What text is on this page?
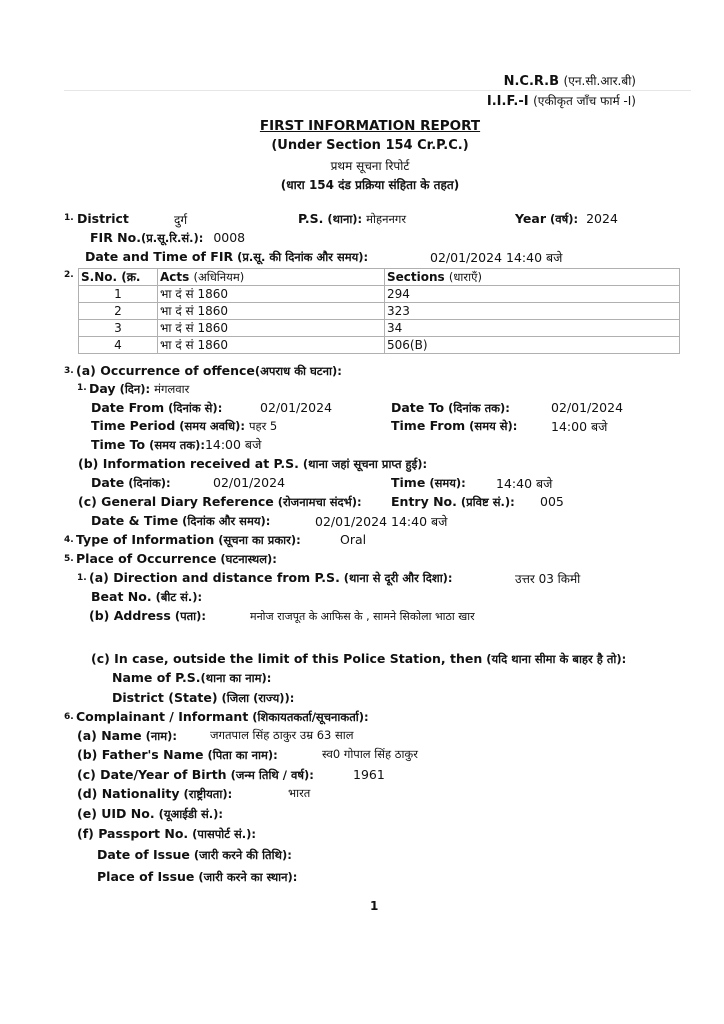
N.C.R.B (एन.सी.आर.बी)
I.I.F.-I (एकीकृत जाँच फार्म -I)
FIRST INFORMATION REPORT
(Under Section 154 Cr.P.C.)
प्रथम सूचना रिपोर्ट
(धारा 154 दंड प्रक्रिया संहिता के तहत)
1. District	दुर्ग	P.S. (थाना): मोहननगर	Year (वर्ष): 2024
FIR No.(प्र.सू.रि.सं.): 0008
Date and Time of FIR (प्र.सू. की दिनांक और समय):	02/01/2024 14:40 बजे
2. S.No. (क्र.	Acts (अधिनियम)	Sections (धाराएँ)
1	भा दं सं 1860	294
2	भा दं सं 1860	323
3	भा दं सं 1860	34
4	भा दं सं 1860	506(B)
3. (a) Occurrence of offence(अपराध की घटना):
1. Day (दिन): मंगलवार
Date From (दिनांक से):	02/01/2024	Date To (दिनांक तक):	02/01/2024
Time Period (समय अवधि): पहर 5	Time From (समय से):	14:00 बजे
Time To (समय तक):14:00 बजे
(b) Information received at P.S. (थाना जहां सूचना प्राप्त हुई):
Date (दिनांक):	02/01/2024	Time (समय): 14:40 बजे
(c) General Diary Reference (रोजनामचा संदर्भ): Entry No. (प्रविष्ट सं.): 005
Date & Time (दिनांक और समय):	02/01/2024 14:40 बजे
4. Type of Information (सूचना का प्रकार):	Oral
5. Place of Occurrence (घटनास्थल):
1. (a) Direction and distance from P.S. (थाना से दूरी और दिशा):	उत्तर 03 किमी
Beat No. (बीट सं.):
(b) Address (पता):	मनोज राजपूत के आफिस के , सामने सिकोला भाठा खार
(c) In case, outside the limit of this Police Station, then (यदि थाना सीमा के बाहर है तो):
Name of P.S.(थाना का नाम):
District (State) (जिला (राज्य)):
6. Complainant / Informant (शिकायतकर्ता/सूचनाकर्ता):
(a) Name (नाम):	जगतपाल सिंह ठाकुर उम्र 63 साल
(b) Father's Name (पिता का नाम):	स्व0 गोपाल सिंह ठाकुर
(c) Date/Year of Birth (जन्म तिथि / वर्ष):	1961
(d) Nationality (राष्ट्रीयता):	भारत
(e) UID No. (यूआईडी सं.):
(f) Passport No. (पासपोर्ट सं.):
Date of Issue (जारी करने की तिथि):
Place of Issue (जारी करने का स्थान):
1
